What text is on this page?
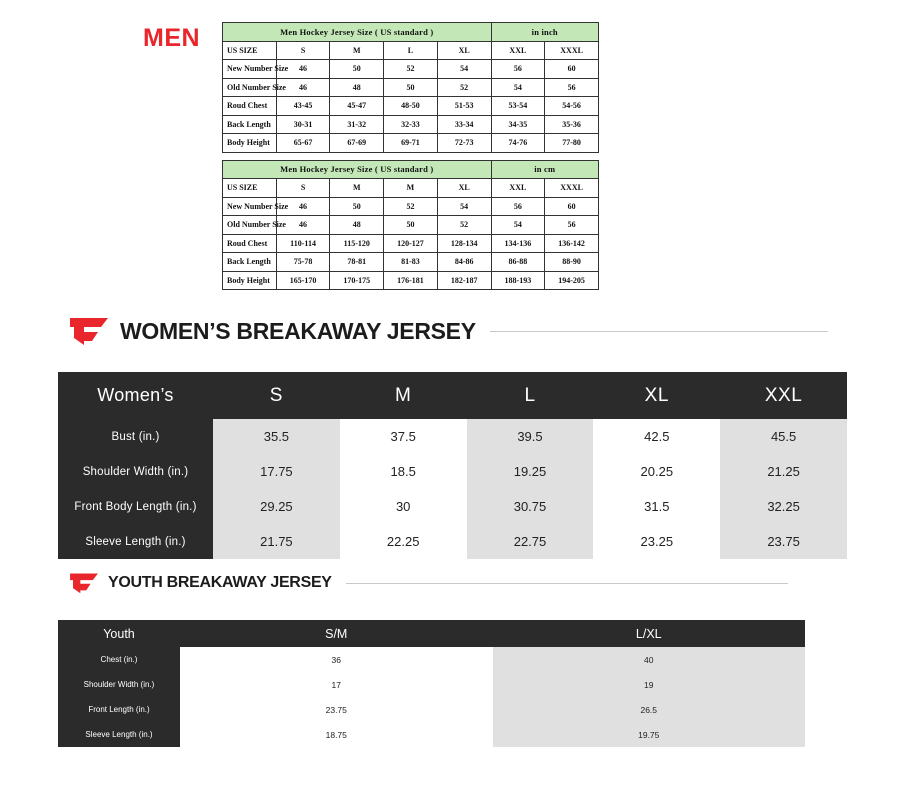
MEN	Men Hockey Jersey Size ( US standard )					in inch	
US SIZE	S	M	L	XL	XXL	XXXL
New Number Size	46	50	52	54	56	60
Old Number Size	46	48	50	52	54	56
Roud Chest	43-45	45-47	48-50	51-53	53-54	54-56
Back Length	30-31	31-32	32-33	33-34	34-35	35-36
Body Height	65-67	67-69	69-71	72-73	74-76	77-80
Men Hockey Jersey Size ( US standard )					in cm	
US SIZE	S	M	M	XL	XXL	XXXL
New Number Size	46	50	52	54	56	60
Old Number Size	46	48	50	52	54	56
Roud Chest	110-114	115-120	120-127	128-134	134-136	136-142
Back Length	75-78	78-81	81-83	84-86	86-88	88-90
Body Height	165-170	170-175	176-181	182-187	188-193	194-205
WOMEN’S BREAKAWAY JERSEY
Women’s	S	M	L	XL	XXL
Bust (in.)	35.5	37.5	39.5	42.5	45.5
Shoulder Width (in.)	17.75	18.5	19.25	20.25	21.25
Front Body Length (in.)	29.25	30	30.75	31.5	32.25
Sleeve Length (in.)	21.75	22.25	22.75	23.25	23.75
YOUTH BREAKAWAY JERSEY
Youth	S/M	L/XL
Chest (in.)	36	40
Shoulder Width (in.)	17	19
Front Length (in.)	23.75	26.5
Sleeve Length (in.)	18.75	19.75
